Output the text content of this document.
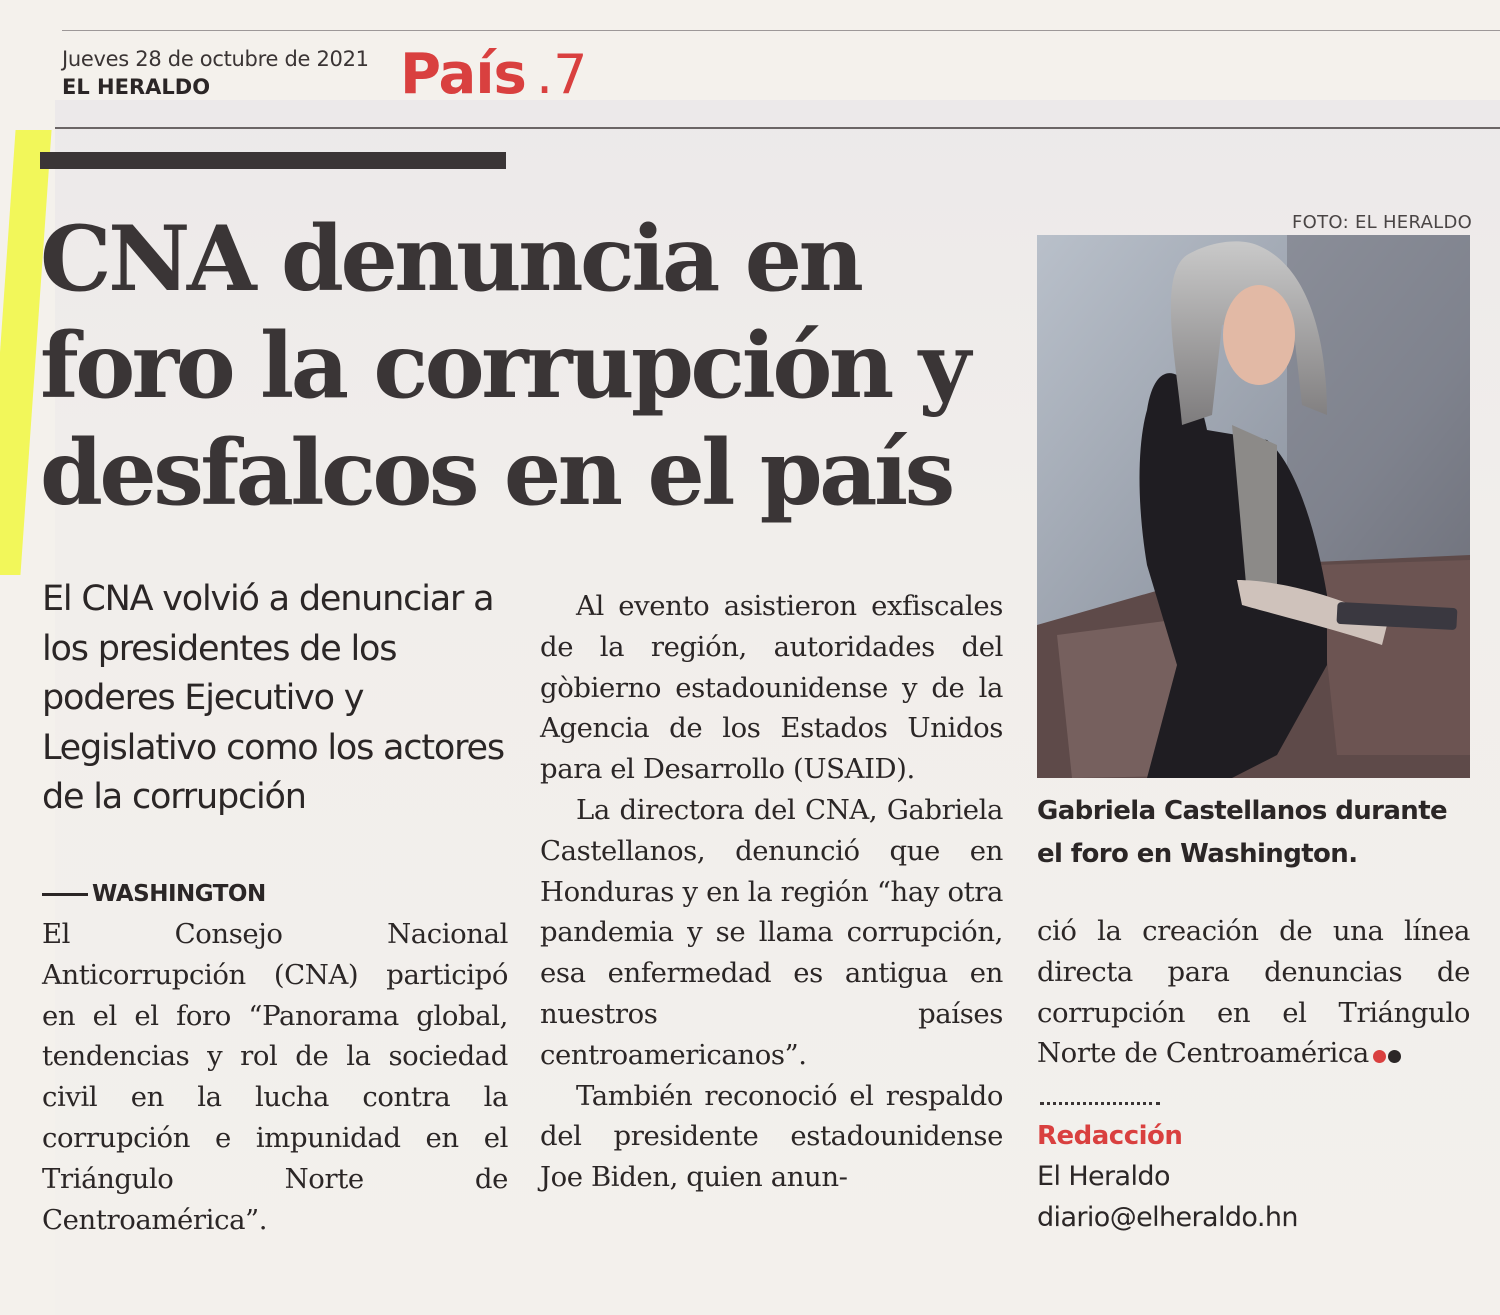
Jueves 28 de octubre de 2021
EL HERALDO	País .7
CNA denuncia en
foro la corrupción y
desfalcos en el país

El CNA volvió a denunciar a los presidentes de los poderes Ejecutivo y Legislativo como los actores de la corrupción

WASHINGTON

El Consejo Nacional Anticorrupción (CNA) participó en el el foro “Panorama global, tendencias y rol de la sociedad civil en la lucha contra la corrupción e impunidad en el Triángulo Norte de Centroamérica”.

Al evento asistieron exfiscales de la región, autoridades del gòbierno estadounidense y de la Agencia de los Estados Unidos para el Desarrollo (USAID).

La directora del CNA, Gabriela Castellanos, denunció que en Honduras y en la región “hay otra pandemia y se llama corrupción, esa enfermedad es antigua en nuestros países centroamericanos”.

También reconoció el respaldo del presidente estadounidense Joe Biden, quien anun-

FOTO: EL HERALDO

Gabriela Castellanos durante el foro en Washington.

ció la creación de una línea directa para denuncias de corrupción en el Triángulo Norte de Centroamérica

Redacción
El Heraldo
diario@elheraldo.hn
